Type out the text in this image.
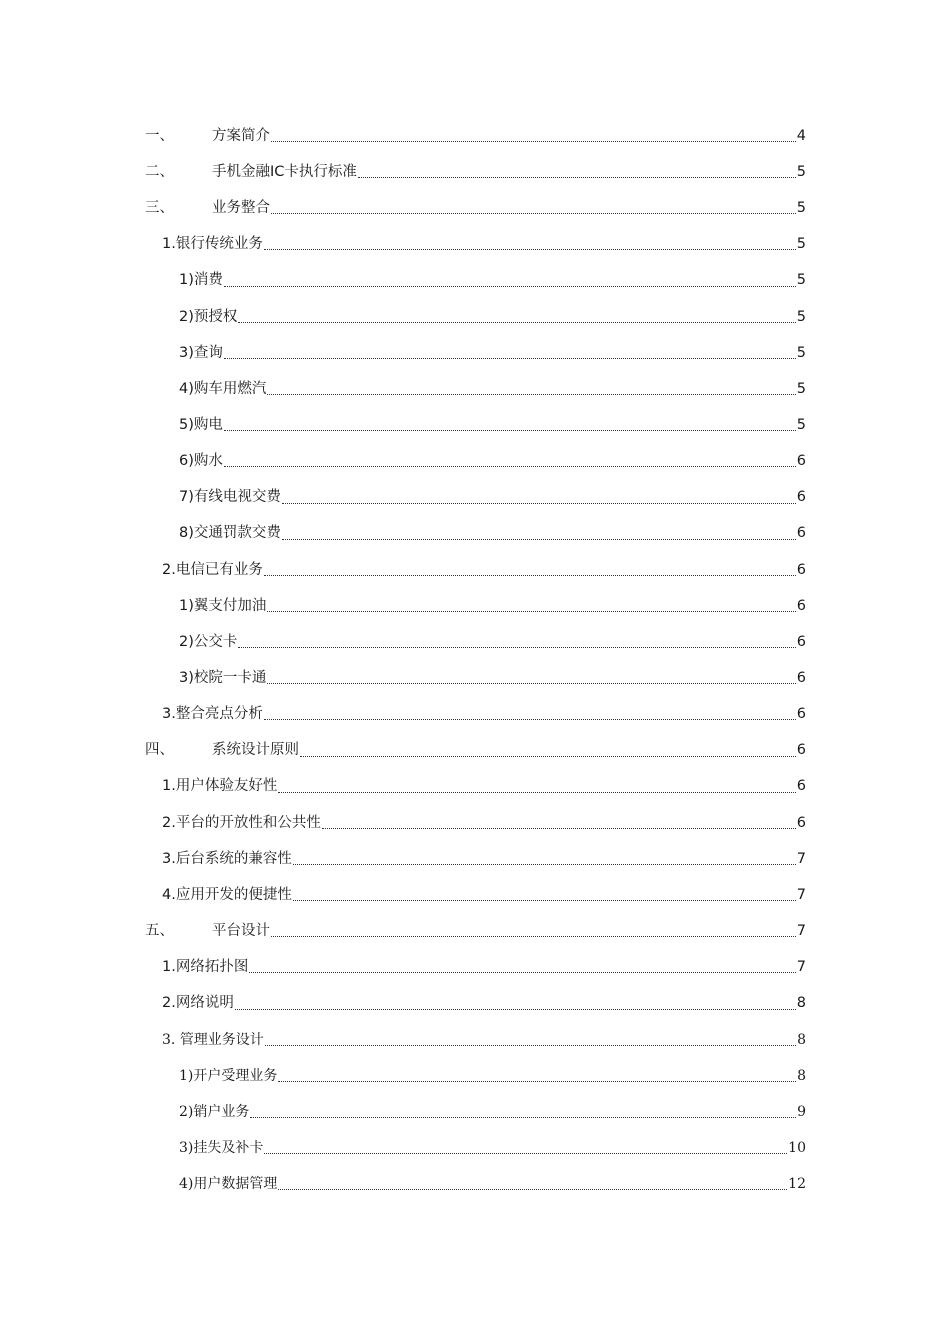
一、	方案简介	4
二、	手机金融IC卡执行标准	5
三、	业务整合	5
1. 银行传统业务	5
1) 消费	5
2) 预授权	5
3) 查询	5
4) 购车用燃汽	5
5) 购电	5
6) 购水	6
7) 有线电视交费	6
8) 交通罚款交费	6
2. 电信已有业务	6
1) 翼支付加油	6
2) 公交卡	6
3) 校院一卡通	6
3. 整合亮点分析	6
四、	系统设计原则	6
1. 用户体验友好性	6
2. 平台的开放性和公共性	6
3. 后台系统的兼容性	7
4. 应用开发的便捷性	7
五、	平台设计	7
1. 网络拓扑图	7
2. 网络说明	8
3. 管理业务设计	8
1) 开户受理业务	8
2) 销户业务	9
3) 挂失及补卡	10
4) 用户数据管理	12
